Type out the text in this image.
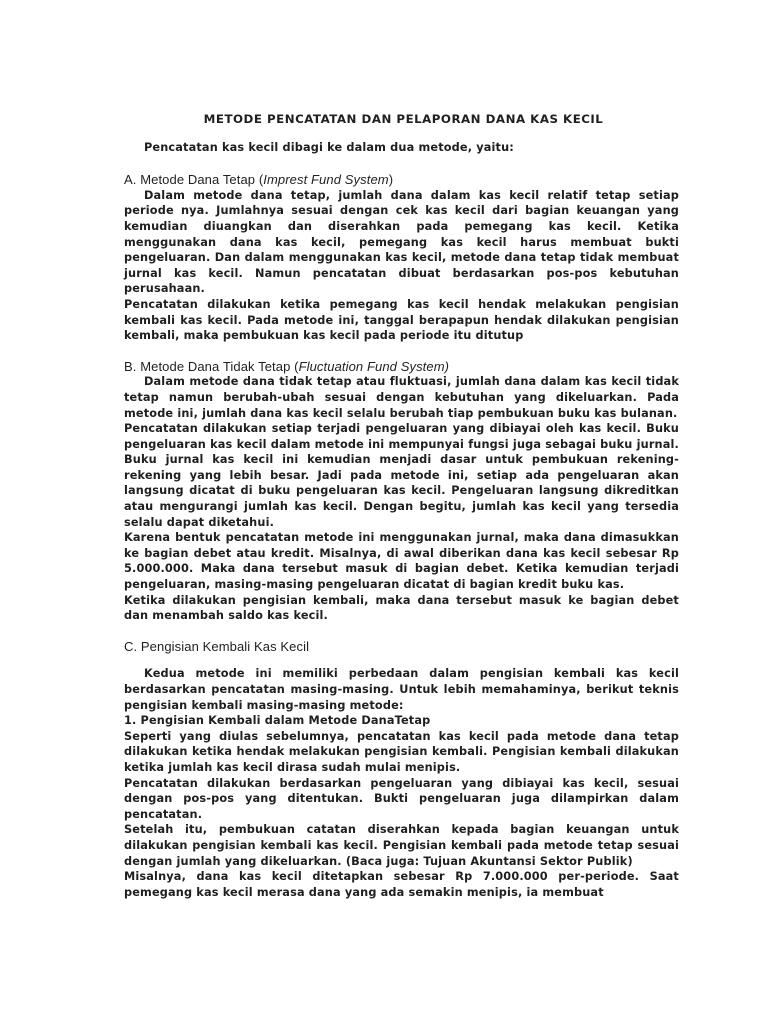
METODE PENCATATAN DAN PELAPORAN DANA KAS KECIL
Pencatatan kas kecil dibagi ke dalam dua metode, yaitu:
A. Metode Dana Tetap (Imprest Fund System)

Dalam metode dana tetap, jumlah dana dalam kas kecil relatif tetap setiap periode nya. Jumlahnya sesuai dengan cek kas kecil dari bagian keuangan yang kemudian diuangkan dan diserahkan pada pemegang kas kecil. Ketika menggunakan dana kas kecil, pemegang kas kecil harus membuat bukti pengeluaran. Dan dalam menggunakan kas kecil, metode dana tetap tidak membuat jurnal kas kecil. Namun pencatatan dibuat berdasarkan pos-pos kebutuhan perusahaan.

Pencatatan dilakukan ketika pemegang kas kecil hendak melakukan pengisian kembali kas kecil. Pada metode ini, tanggal berapapun hendak dilakukan pengisian kembali, maka pembukuan kas kecil pada periode itu ditutup

B. Metode Dana Tidak Tetap (Fluctuation Fund System)

Dalam metode dana tidak tetap atau fluktuasi, jumlah dana dalam kas kecil tidak tetap namun berubah-ubah sesuai dengan kebutuhan yang dikeluarkan. Pada metode ini, jumlah dana kas kecil selalu berubah tiap pembukuan buku kas bulanan.

Pencatatan dilakukan setiap terjadi pengeluaran yang dibiayai oleh kas kecil. Buku pengeluaran kas kecil dalam metode ini mempunyai fungsi juga sebagai buku jurnal. Buku jurnal kas kecil ini kemudian menjadi dasar untuk pembukuan rekening-rekening yang lebih besar. Jadi pada metode ini, setiap ada pengeluaran akan langsung dicatat di buku pengeluaran kas kecil. Pengeluaran langsung dikreditkan atau mengurangi jumlah kas kecil. Dengan begitu, jumlah kas kecil yang tersedia selalu dapat diketahui.

Karena bentuk pencatatan metode ini menggunakan jurnal, maka dana dimasukkan ke bagian debet atau kredit. Misalnya, di awal diberikan dana kas kecil sebesar Rp 5.000.000. Maka dana tersebut masuk di bagian debet. Ketika kemudian terjadi pengeluaran, masing-masing pengeluaran dicatat di bagian kredit buku kas.

Ketika dilakukan pengisian kembali, maka dana tersebut masuk ke bagian debet dan menambah saldo kas kecil.

C. Pengisian Kembali Kas Kecil

Kedua metode ini memiliki perbedaan dalam pengisian kembali kas kecil berdasarkan pencatatan masing-masing. Untuk lebih memahaminya, berikut teknis pengisian kembali masing-masing metode:

1. Pengisian Kembali dalam Metode DanaTetap

Seperti yang diulas sebelumnya, pencatatan kas kecil pada metode dana tetap dilakukan ketika hendak melakukan pengisian kembali. Pengisian kembali dilakukan ketika jumlah kas kecil dirasa sudah mulai menipis.

Pencatatan dilakukan berdasarkan pengeluaran yang dibiayai kas kecil, sesuai dengan pos-pos yang ditentukan. Bukti pengeluaran juga dilampirkan dalam pencatatan.

Setelah itu, pembukuan catatan diserahkan kepada bagian keuangan untuk dilakukan pengisian kembali kas kecil. Pengisian kembali pada metode tetap sesuai dengan jumlah yang dikeluarkan. (Baca juga: Tujuan Akuntansi Sektor Publik)

Misalnya, dana kas kecil ditetapkan sebesar Rp 7.000.000 per-periode. Saat pemegang kas kecil merasa dana yang ada semakin menipis, ia membuat
